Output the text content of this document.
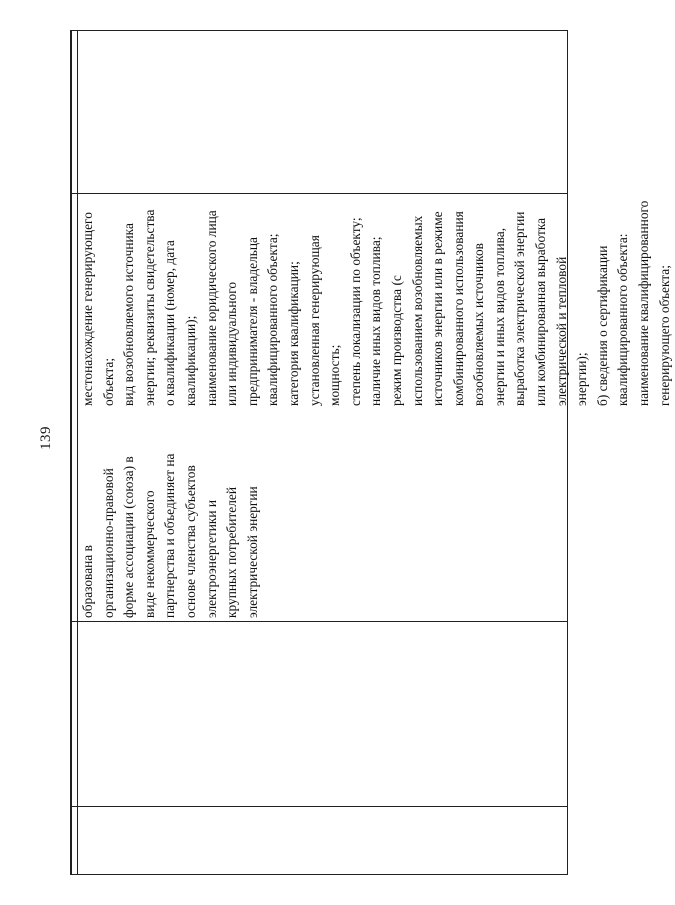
139
образована в организационно-правовой форме ассоциации (союза) в виде некоммерческого партнерства и объединяет на основе членства субъектов электроэнергетики и крупных потребителей электрической энергии
местонахождение генерирующего объекта; вид возобновляемого источника энергии; реквизиты свидетельства о квалификации (номер, дата квалификации); наименование юридического лица или индивидуального предпринимателя - владельца квалифицированного объекта; категория квалификации; установленная генерирующая мощность; степень локализации по объекту; наличие иных видов топлива; режим производства (с использованием возобновляемых источников энергии или в режиме комбинированного использования возобновляемых источников энергии и иных видов топлива, выработка электрической энергии или комбинированная выработка электрической и тепловой энергии); б) сведения о сертификации квалифицированного объекта: наименование квалифицированного генерирующего объекта;
